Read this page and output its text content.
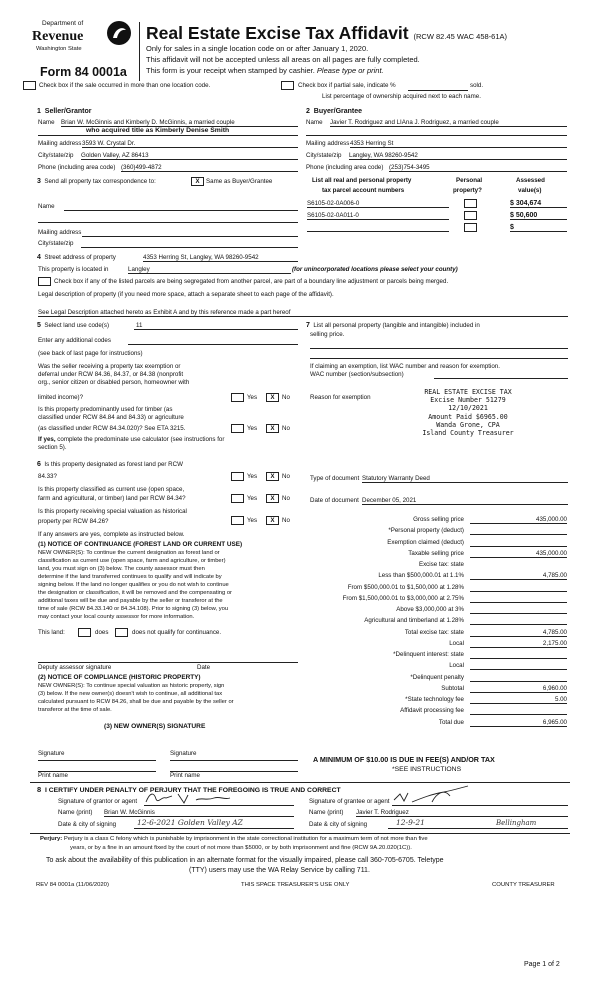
Department of
Revenue
Washington State
Form 84 0001a
Real Estate Excise Tax Affidavit (RCW 82.45 WAC 458-61A)
Only for sales in a single location code on or after January 1, 2020.
This affidavit will not be accepted unless all areas on all pages are fully completed.
This form is your receipt when stamped by cashier. Please type or print.
Check box if the sale occurred in more than one location code.	Check box if partial sale, indicate %	sold.
List percentage of ownership acquired next to each name.
1 Seller/Grantor
Name Brian W. McGinnis and Kimberly D. McGinnis, a married couple
who acquired title as Kimberly Denise Smith
Mailing address 3593 W. Crystal Dr.
City/state/zip Golden Valley, AZ 86413
Phone (including area code) (360)499-4872
2 Buyer/Grantee
Name Javier T. Rodriguez and LIAna J. Rodriguez, a married couple
Mailing address 4353 Herring St
City/state/zip Langley, WA 98260-9542
Phone (including area code) (253)754-3495
3 Send all property tax correspondence to:	X	Same as Buyer/Grantee
Name
Mailing address
City/state/zip
List all real and personal property
tax parcel account numbers
Personal
property?
Assessed
value(s)
S6105-02-0A006-0	$ 304,674
S6105-02-0A011-0	$ 50,600
$
4 Street address of property	4353 Herring St, Langley, WA 98260-9542
This property is located in	Langley	(for unincorporated locations please select your county)
Check box if any of the listed parcels are being segregated from another parcel, are part of a boundary line adjustment or parcels being merged.
Legal description of property (if you need more space, attach a separate sheet to each page of the affidavit).
See Legal Description attached hereto as Exhibit A and by this reference made a part hereof
5 Select land use code(s)	11
Enter any additional codes
(see back of last page for instructions)
Was the seller receiving a property tax exemption or
deferral under RCW 84.36, 84.37, or 84.38 (nonprofit
org., senior citizen or disabled person, homeowner with
limited income)?	Yes	X	No
Is this property predominantly used for timber (as
classified under RCW 84.84 and 84.33) or agriculture
(as classified under RCW 84.34.020)? See ETA 3215.	Yes	X	No
If yes, complete the predominate use calculator (see instructions for
section 5).
6 Is this property designated as forest land per RCW
84.33?	Yes	X	No
Is this property classified as current use (open space,
farm and agricultural, or timber) land per RCW 84.34?	Yes	X	No
Is this property receiving special valuation as historical
property per RCW 84.26?	Yes	X	No
If any answers are yes, complete as instructed below.
(1) NOTICE OF CONTINUANCE (FOREST LAND OR CURRENT USE)
NEW OWNER(S): To continue the current designation as forest land or
classification as current use (open space, farm and agriculture, or timber)
land, you must sign on (3) below. The county assessor must then
determine if the land transferred continues to qualify and will indicate by
signing below. If the land no longer qualifies or you do not wish to continue
the designation or classification, it will be removed and the compensating or
additional taxes will be due and payable by the seller or transferor at the
time of sale (RCW 84.33.140 or 84.34.108). Prior to signing (3) below, you
may contact your local county assessor for more information.
This land:	does	does not qualify for continuance.
Deputy assessor signature	Date
(2) NOTICE OF COMPLIANCE (HISTORIC PROPERTY)
NEW OWNER(S): To continue special valuation as historic property, sign
(3) below. If the new owner(s) doesn't wish to continue, all additional tax
calculated pursuant to RCW 84.26, shall be due and payable by the seller or
transferor at the time of sale.
(3) NEW OWNER(S) SIGNATURE
Signature	Signature
Print name	Print name
7 List all personal property (tangible and intangible) included in
selling price.
If claiming an exemption, list WAC number and reason for exemption.
WAC number (section/subsection)
Reason for exemption
REAL ESTATE EXCISE TAX
Excise Number 51279
12/10/2021
Amount Paid $6965.00
Wanda Grone, CPA
Island County Treasurer
Type of document Statutory Warranty Deed
Date of document December 05, 2021
Gross selling price	435,000.00
*Personal property (deduct)
Exemption claimed (deduct)
Taxable selling price	435,000.00
Excise tax: state
Less than $500,000.01 at 1.1%	4,785.00
From $500,000.01 to $1,500,000 at 1.28%
From $1,500,000.01 to $3,000,000 at 2.75%
Above $3,000,000 at 3%
Agricultural and timberland at 1.28%
Total excise tax: state	4,785.00
Local	2,175.00
*Delinquent interest: state
Local
*Delinquent penalty
Subtotal	6,960.00
*State technology fee	5.00
Affidavit processing fee
Total due	6,965.00
A MINIMUM OF $10.00 IS DUE IN FEE(S) AND/OR TAX
*SEE INSTRUCTIONS
8 I CERTIFY UNDER PENALTY OF PERJURY THAT THE FOREGOING IS TRUE AND CORRECT
Signature of grantor or agent
Name (print) Brian W. McGinnis
Date & city of signing	12-6-2021 Golden Valley AZ
Signature of grantee or agent
Name (print) Javier T. Rodriguez
Date & city of signing	12-9-21	Bellingham
Perjury: Perjury is a class C felony which is punishable by imprisonment in the state correctional institution for a maximum term of not more than five
years, or by a fine in an amount fixed by the court of not more than $5000, or by both imprisonment and fine (RCW 9A.20.020(1C)).
To ask about the availability of this publication in an alternate format for the visually impaired, please call 360-705-6705. Teletype
(TTY) users may use the WA Relay Service by calling 711.
REV 84 0001a (11/06/2020)	THIS SPACE TREASURER'S USE ONLY	COUNTY TREASURER
Page 1 of 2
